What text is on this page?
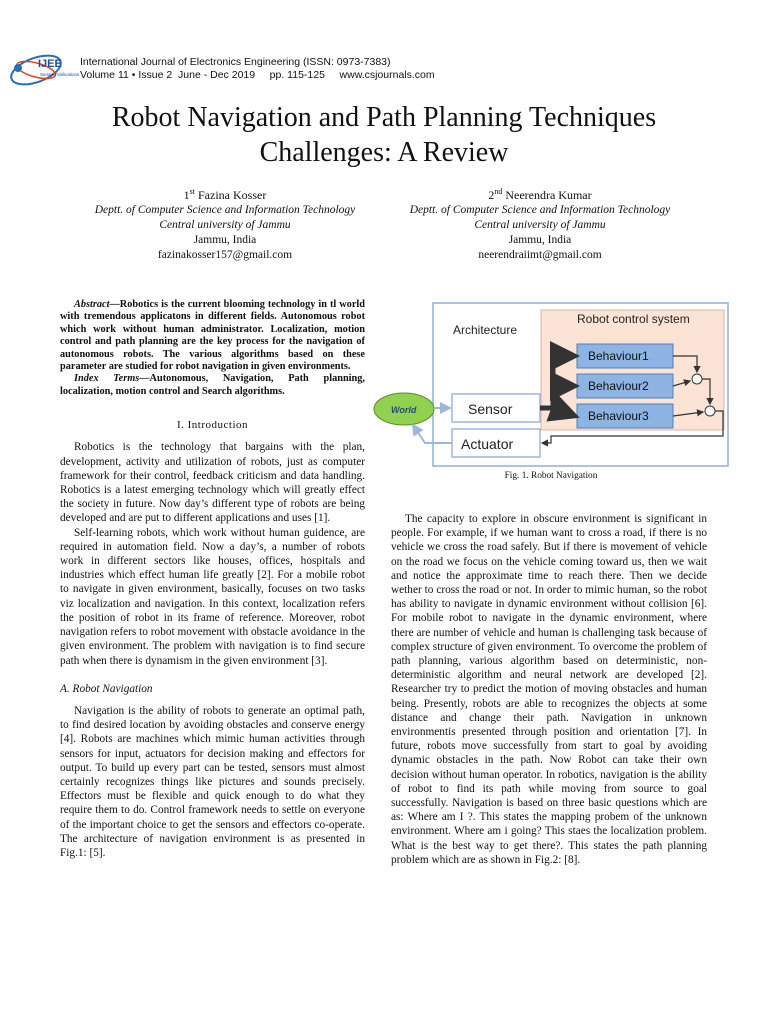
IJEE
Serials Publications
International Journal of Electronics Engineering (ISSN: 0973-7383)
Volume 11 • Issue 2  June - Dec 2019     pp. 115-125     www.csjournals.com
Robot Navigation and Path Planning Techniques
Challenges: A Review
1st Fazina Kosser
Deptt. of Computer Science and Information Technology
Central university of Jammu
Jammu, India
fazinakosser157@gmail.com
2nd Neerendra Kumar
Deptt. of Computer Science and Information Technology
Central university of Jammu
Jammu, India
neerendraiimt@gmail.com

Abstract—Robotics is the current blooming technology in tl world with tremendous applicatons in different fields. Autonomous robot which work without human administrator. Localization, motion control and path planning are the key process for the navigation of autonomous robots. The various algorithms based on these parameter are studied for robot navigation in given environments.

Index Terms—Autonomous, Navigation, Path planning, localization, motion control and Search algorithms.

I. Introduction

Robotics is the technology that bargains with the plan, development, activity and utilization of robots, just as computer framework for their control, feedback criticism and data handling. Robotics is a latest emerging technology which will greatly effect the society in future. Now day’s different type of robots are being developed and are put to different applications and uses [1].

Self-learning robots, which work without human guidence, are required in automation field. Now a day’s, a number of robots work in different sectors like houses, offices, hospitals and industries which effect human life greatly [2]. For a mobile robot to navigate in given environment, basically, focuses on two tasks viz localization and navigation. In this context, localization refers the position of robot in its frame of reference. Moreover, robot navigation refers to robot movement with obstacle avoidance in the given environment. The problem with navigation is to find secure path when there is dynamism in the given environment [3].

A. Robot Navigation

Navigation is the ability of robots to generate an optimal path, to find desired location by avoiding obstacles and conserve energy [4]. Robots are machines which mimic human activities through sensors for input, actuators for decision making and effectors for output. To build up every part can be tested, sensors must almost certainly recognizes things like pictures and sounds precisely. Effectors must be flexible and quick enough to do what they require them to do. Control framework needs to settle on everyone of the important choice to get the sensors and effectors co-operate. The architecture of navigation environment is as presented in Fig.1: [5].

Architecture
Robot control system
Behaviour1
Behaviour2
Behaviour3
World	Sensor
Actuator
Fig. 1. Robot Navigation

The capacity to explore in obscure environment is significant in people. For example, if we human want to cross a road, if there is no vehicle we cross the road safely. But if there is movement of vehicle on the road we focus on the vehicle coming toward us, then we wait and notice the approximate time to reach there. Then we decide wether to cross the road or not. In order to mimic human, so the robot has ability to navigate in dynamic environment without collision [6]. For mobile robot to navigate in the dynamic environment, where there are number of vehicle and human is challenging task because of complex structure of given environment. To overcome the problem of path planning, various algorithm based on deterministic, non-deterministic algorithm and neural network are developed [2]. Researcher try to predict the motion of moving obstacles and human being. Presently, robots are able to recognizes the objects at some distance and change their path. Navigation in unknown environmentis presented through position and orientation [7]. In future, robots move successfully from start to goal by avoiding dynamic obstacles in the path. Now Robot can take their own decision without human operator. In robotics, navigation is the ability of robot to find its path while moving from source to goal successfully. Navigation is based on three basic questions which are as: Where am I ?. This states the mapping probem of the unknown environment. Where am i going? This staes the localization problem. What is the best way to get there?. This states the path planning problem which are as shown in Fig.2: [8].
